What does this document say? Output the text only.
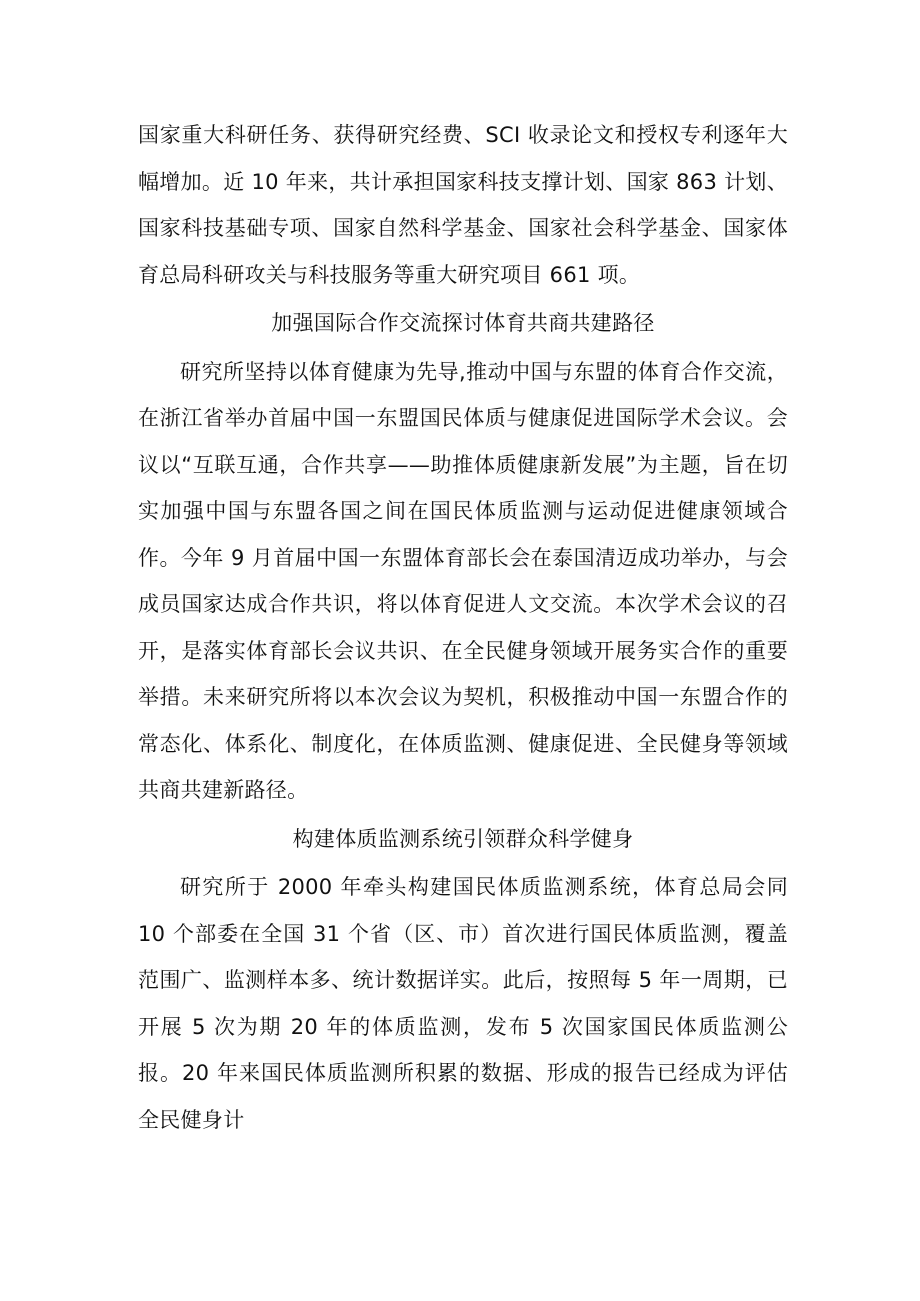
国家重大科研任务、获得研究经费、SCI 收录论文和授权专利逐年大幅增加。近 10 年来，共计承担国家科技支撑计划、国家 863 计划、国家科技基础专项、国家自然科学基金、国家社会科学基金、国家体育总局科研攻关与科技服务等重大研究项目 661 项。

加强国际合作交流探讨体育共商共建路径

研究所坚持以体育健康为先导,推动中国与东盟的体育合作交流，在浙江省举办首届中国一东盟国民体质与健康促进国际学术会议。会议以“互联互通，合作共享——助推体质健康新发展”为主题，旨在切实加强中国与东盟各国之间在国民体质监测与运动促进健康领域合作。今年 9 月首届中国一东盟体育部长会在泰国清迈成功举办，与会成员国家达成合作共识，将以体育促进人文交流。本次学术会议的召开，是落实体育部长会议共识、在全民健身领域开展务实合作的重要举措。未来研究所将以本次会议为契机，积极推动中国一东盟合作的常态化、体系化、制度化，在体质监测、健康促进、全民健身等领域共商共建新路径。

构建体质监测系统引领群众科学健身

研究所于 2000 年牵头构建国民体质监测系统，体育总局会同 10 个部委在全国 31 个省（区、市）首次进行国民体质监测，覆盖范围广、监测样本多、统计数据详实。此后，按照每 5 年一周期，已开展 5 次为期 20 年的体质监测，发布 5 次国家国民体质监测公报。20 年来国民体质监测所积累的数据、形成的报告已经成为评估全民健身计
